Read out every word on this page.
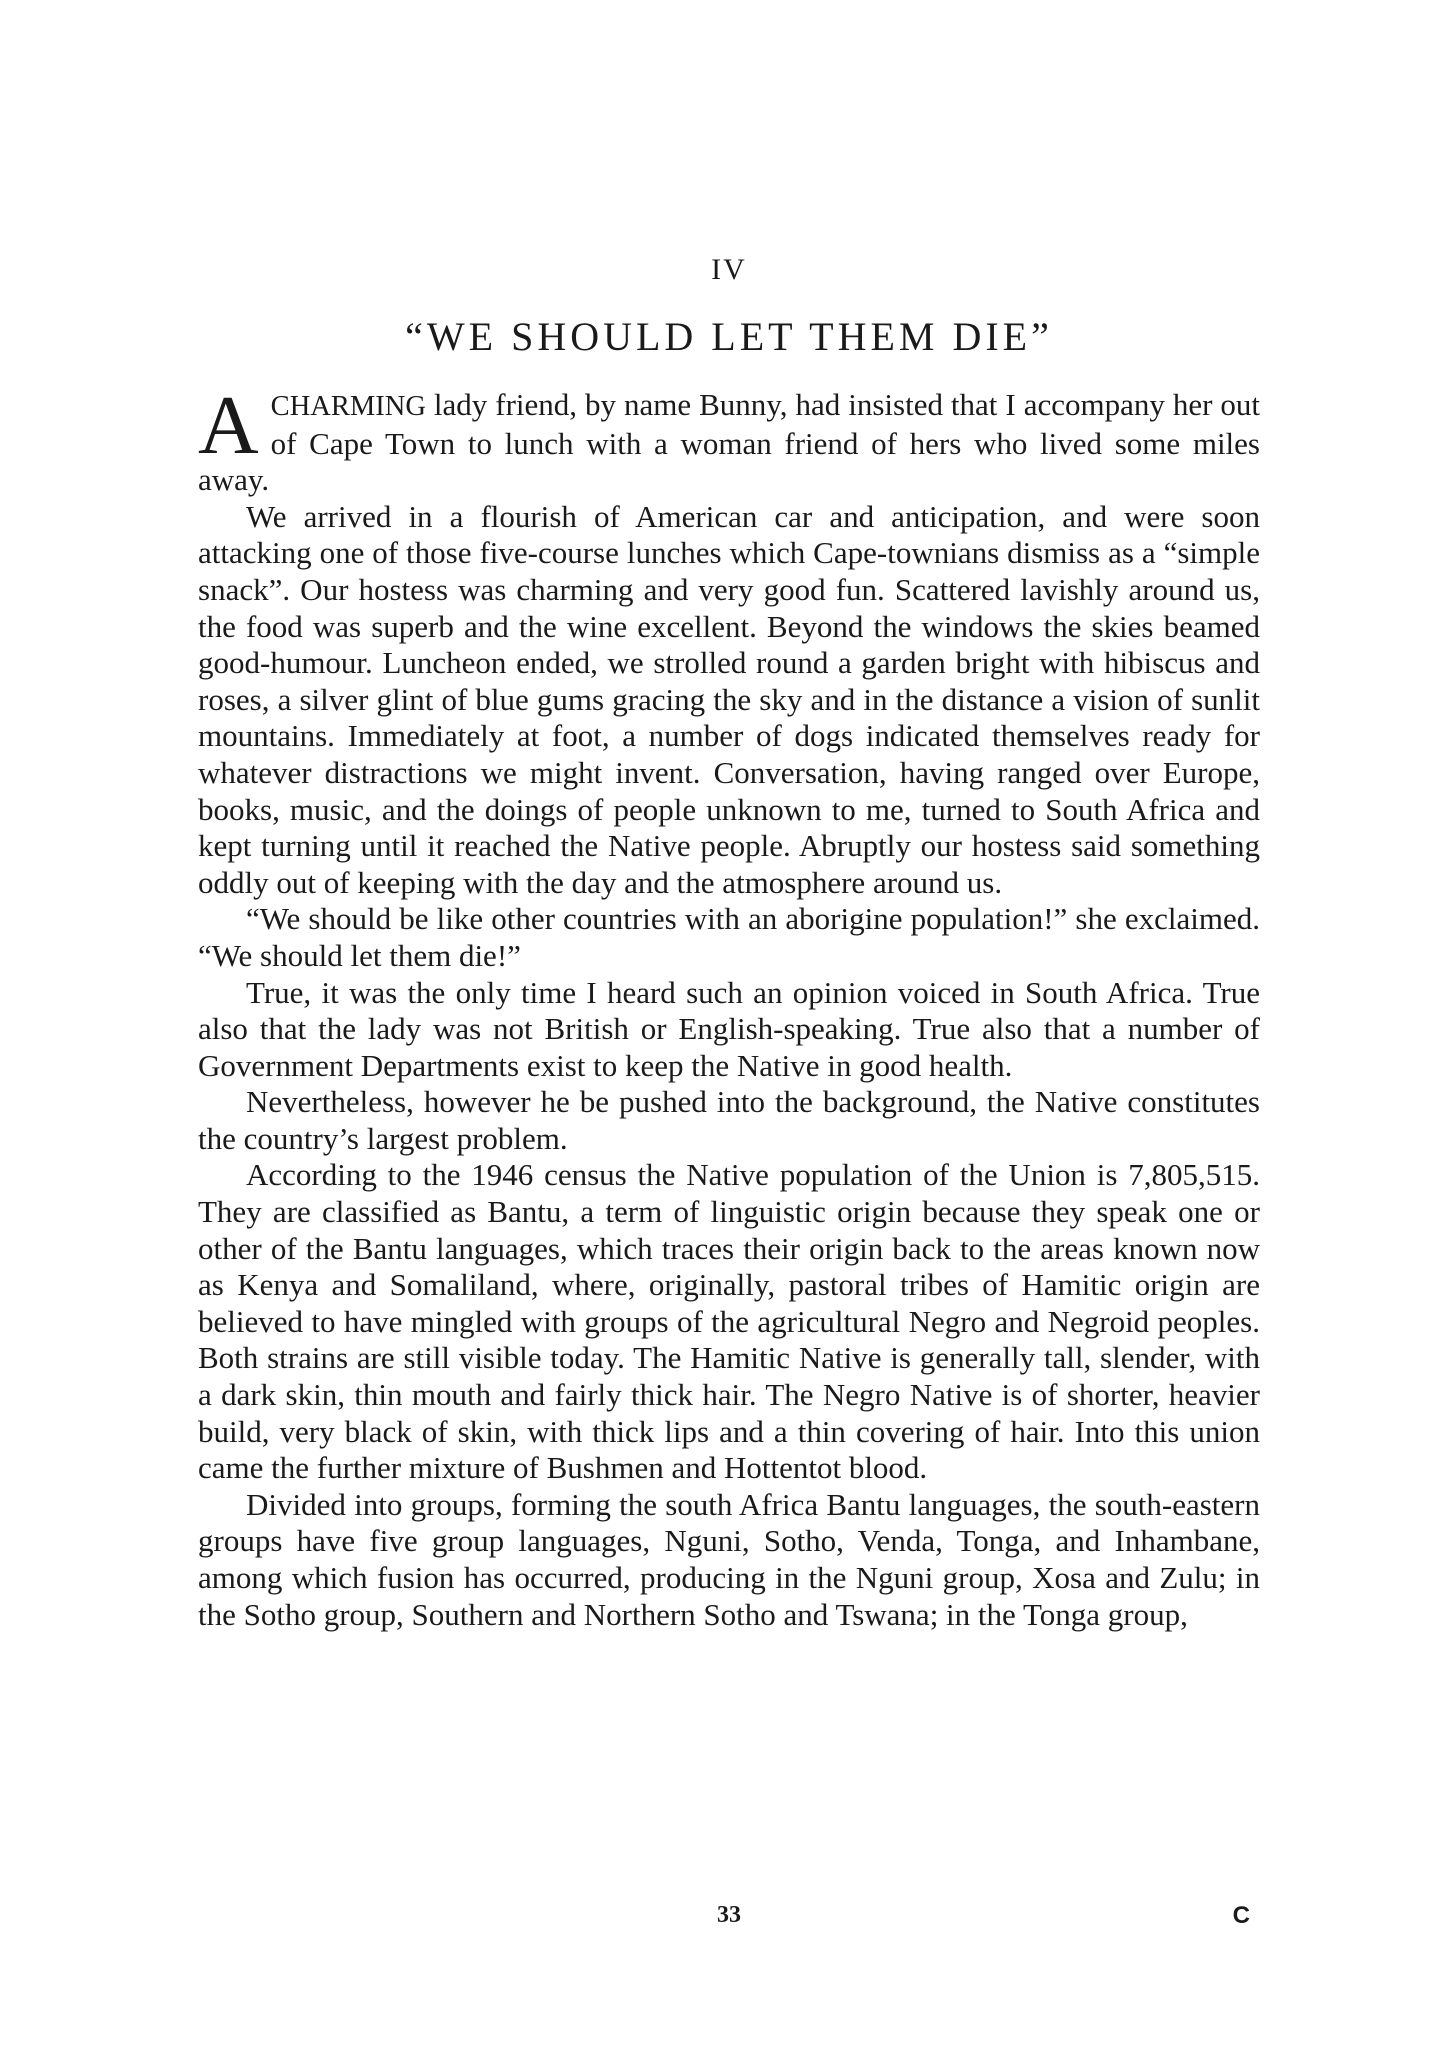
IV
“WE SHOULD LET THEM DIE”

ACHARMING lady friend, by name Bunny, had insisted that I accompany her out of Cape Town to lunch with a woman friend of hers who lived some miles away.

We arrived in a flourish of American car and anticipation, and were soon attacking one of those five-course lunches which Cape-townians dismiss as a “simple snack”. Our hostess was charming and very good fun. Scattered lavishly around us, the food was superb and the wine excellent. Beyond the windows the skies beamed good-humour. Luncheon ended, we strolled round a garden bright with hibiscus and roses, a silver glint of blue gums gracing the sky and in the distance a vision of sunlit mountains. Immediately at foot, a number of dogs indicated themselves ready for whatever distractions we might invent. Conversation, having ranged over Europe, books, music, and the doings of people unknown to me, turned to South Africa and kept turning until it reached the Native people. Abruptly our hostess said something oddly out of keeping with the day and the atmosphere around us.

“We should be like other countries with an aborigine population!” she exclaimed. “We should let them die!”

True, it was the only time I heard such an opinion voiced in South Africa. True also that the lady was not British or English-speaking. True also that a number of Government Departments exist to keep the Native in good health.

Nevertheless, however he be pushed into the background, the Native constitutes the country’s largest problem.

According to the 1946 census the Native population of the Union is 7,805,515. They are classified as Bantu, a term of linguistic origin because they speak one or other of the Bantu languages, which traces their origin back to the areas known now as Kenya and Somaliland, where, originally, pastoral tribes of Hamitic origin are believed to have mingled with groups of the agricultural Negro and Negroid peoples. Both strains are still visible today. The Hamitic Native is generally tall, slender, with a dark skin, thin mouth and fairly thick hair. The Negro Native is of shorter, heavier build, very black of skin, with thick lips and a thin covering of hair. Into this union came the further mixture of Bushmen and Hottentot blood.

Divided into groups, forming the south Africa Bantu languages, the south-eastern groups have five group languages, Nguni, Sotho, Venda, Tonga, and Inhambane, among which fusion has occurred, producing in the Nguni group, Xosa and Zulu; in the Sotho group, Southern and Northern Sotho and Tswana; in the Tonga group,

33	C
